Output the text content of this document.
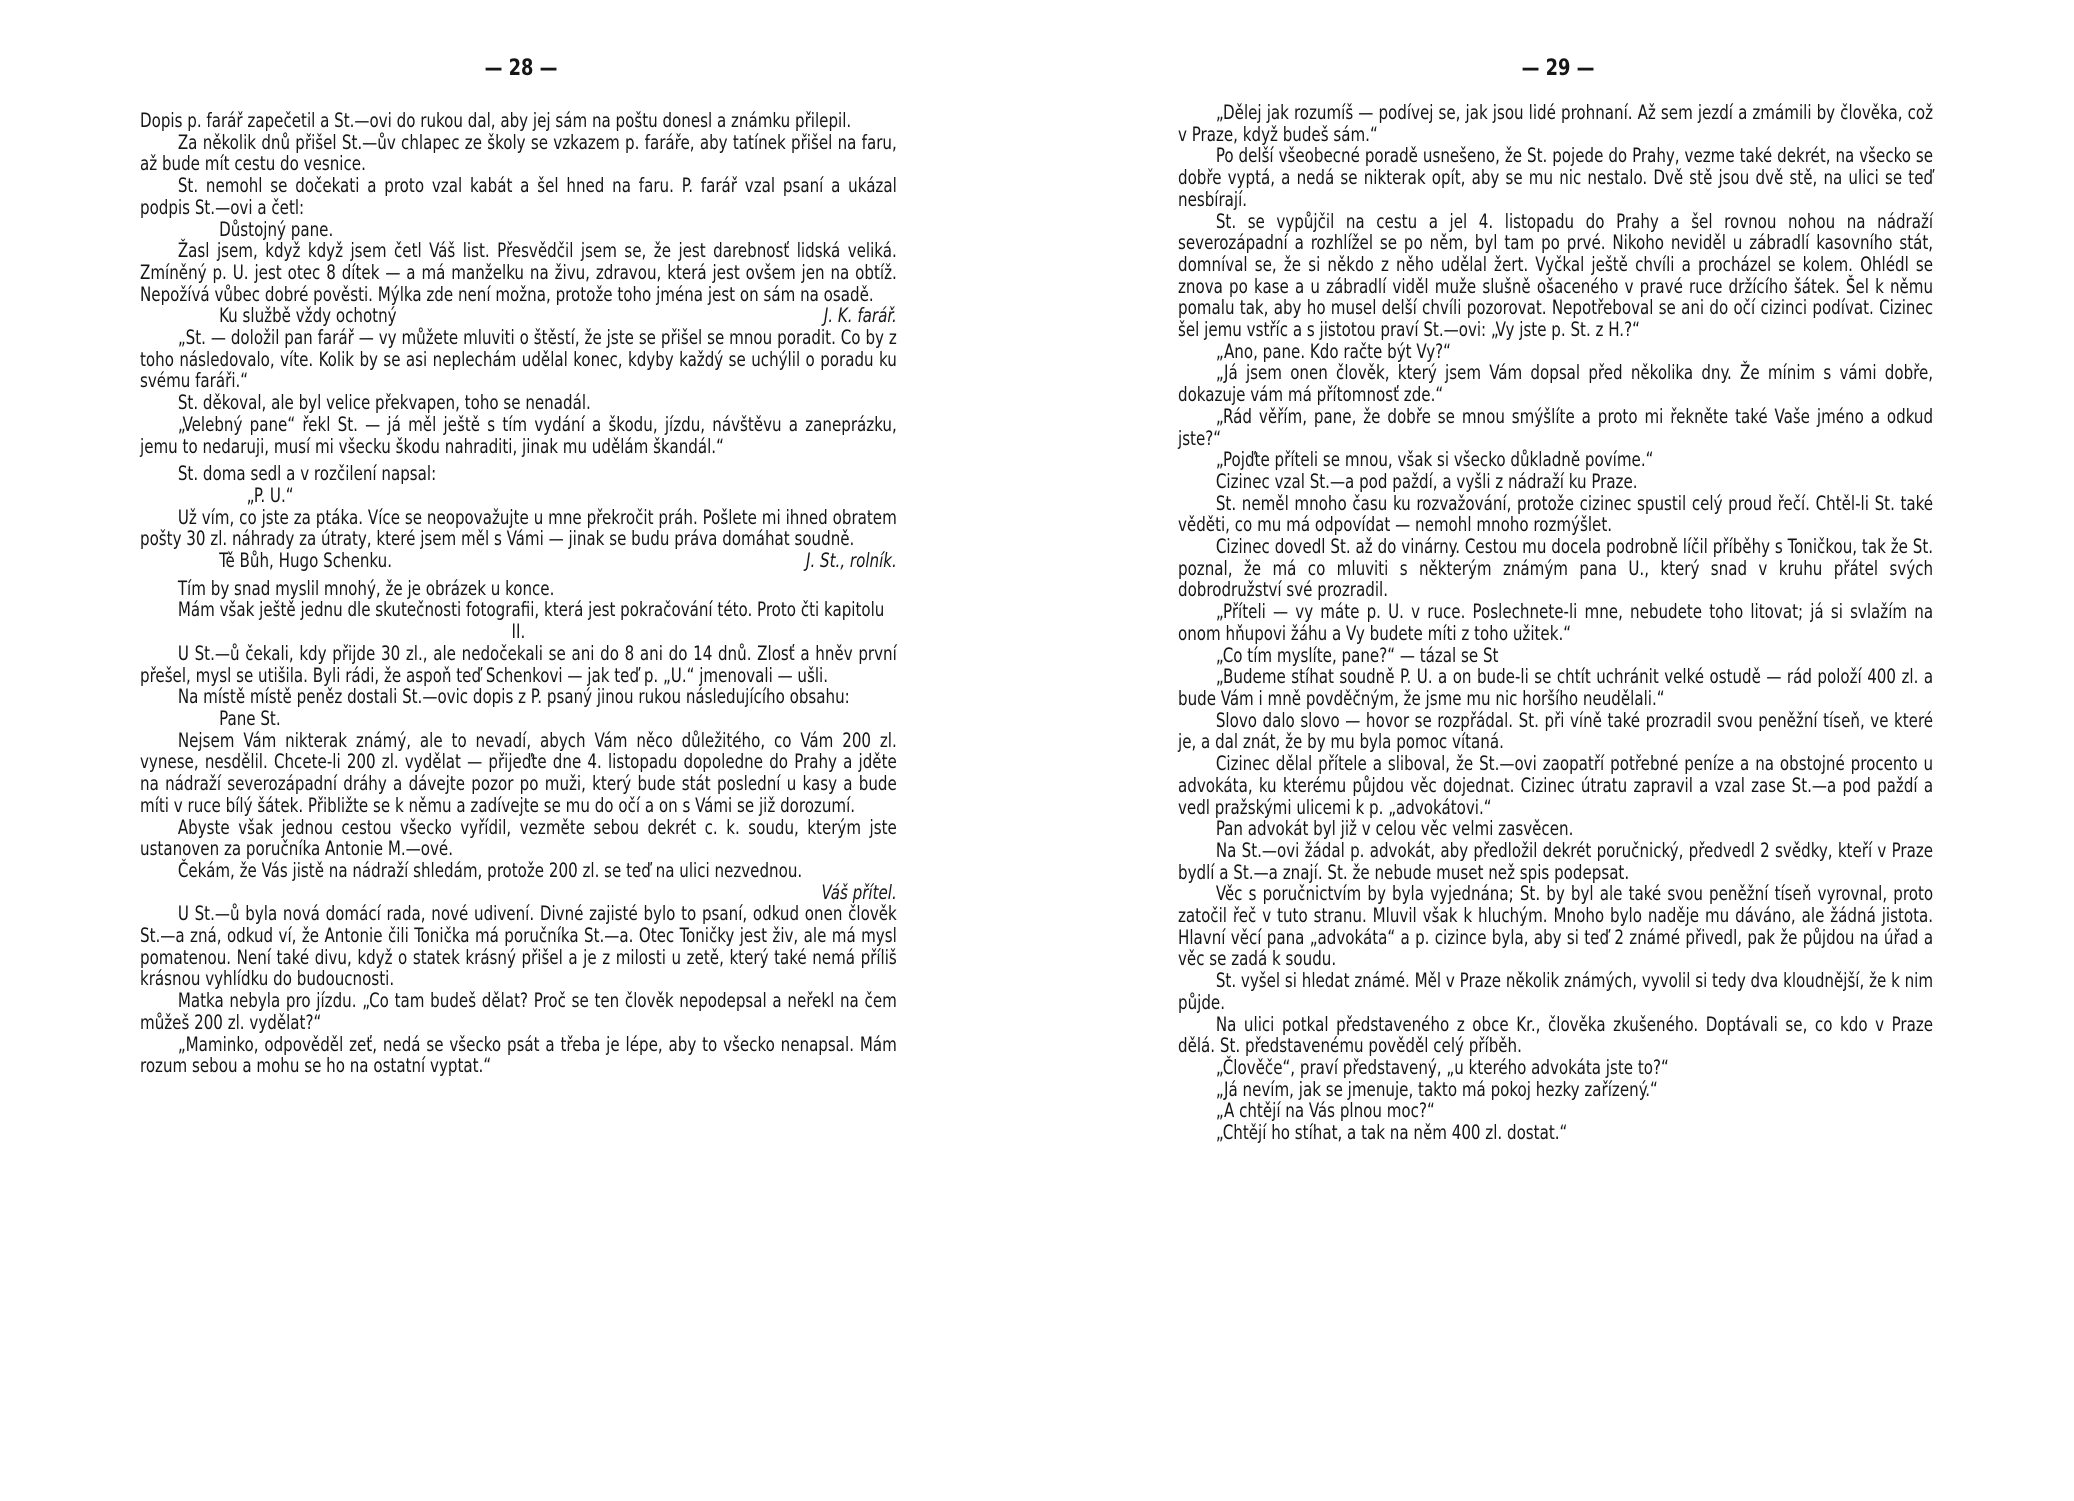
— 28 —

Dopis p. farář zapečetil a St.—ovi do rukou dal, aby jej sám na poštu donesl a známku přilepil.

Za několik dnů přišel St.—ův chlapec ze školy se vzkazem p. faráře, aby tatínek přišel na faru, až bude mít cestu do vesnice.

St. nemohl se dočekati a proto vzal kabát a šel hned na faru. P. farář vzal psaní a ukázal podpis St.—ovi a četl:

Důstojný pane.

Žasl jsem, když když jsem četl Váš list. Přesvědčil jsem se, že jest darebnosť lidská veliká. Zmíněný p. U. jest otec 8 dítek — a má manželku na živu, zdravou, která jest ovšem jen na obtíž. Nepožívá vůbec dobré pověsti. Mýlka zde není možna, protože toho jména jest on sám na osadě.

Ku službě vždy ochotný	J. K. farář.

„St. — doložil pan farář — vy můžete mluviti o štěstí, že jste se přišel se mnou poradit. Co by z toho následovalo, víte. Kolik by se asi neplechám udělal konec, kdyby každý se uchýlil o poradu ku svému faráři.“

St. děkoval, ale byl velice překvapen, toho se nenadál.

„Velebný pane“ řekl St. — já měl ještě s tím vydání a škodu, jízdu, návštěvu a zaneprázku, jemu to nedaruji, musí mi všecku škodu nahraditi, jinak mu udělám škandál.“

St. doma sedl a v rozčilení napsal:

„P. U.“

Už vím, co jste za ptáka. Více se neopovažujte u mne překročit práh. Pošlete mi ihned obratem pošty 30 zl. náhrady za útraty, které jsem měl s Vámi — jinak se budu práva domáhat soudně.

Tě Bůh, Hugo Schenku.	J. St., rolník.

Tím by snad myslil mnohý, že je obrázek u konce.

Mám však ještě jednu dle skutečnosti fotografii, která jest pokračování této. Proto čti kapitolu

II.

U St.—ů čekali, kdy přijde 30 zl., ale nedočekali se ani do 8 ani do 14 dnů. Zlosť a hněv první přešel, mysl se utišila. Byli rádi, že aspoň teď Schenkovi — jak teď p. „U.“ jmenovali — ušli.

Na místě místě peněz dostali St.—ovic dopis z P. psaný jinou rukou následujícího obsahu:

Pane St.

Nejsem Vám nikterak známý, ale to nevadí, abych Vám něco důležitého, co Vám 200 zl. vynese, nesdělil. Chcete-li 200 zl. vydělat — přijeďte dne 4. listopadu dopoledne do Prahy a jděte na nádraží severozápadní dráhy a dávejte pozor po muži, který bude stát poslední u kasy a bude míti v ruce bílý šátek. Přibližte se k němu a zadívejte se mu do očí a on s Vámi se již dorozumí.

Abyste však jednou cestou všecko vyřídil, vezměte sebou dekrét c. k. soudu, kterým jste ustanoven za poručníka Antonie M.—ové.

Čekám, že Vás jistě na nádraží shledám, protože 200 zl. se teď na ulici nezvednou.

Váš přítel.

U St.—ů byla nová domácí rada, nové udivení. Divné zajisté bylo to psaní, odkud onen člověk St.—a zná, odkud ví, že Antonie čili Tonička má poručníka St.—a. Otec Toničky jest živ, ale má mysl pomatenou. Není také divu, když o statek krásný přišel a je z milosti u zetě, který také nemá příliš krásnou vyhlídku do budoucnosti.

Matka nebyla pro jízdu. „Co tam budeš dělat? Proč se ten člověk nepodepsal a neřekl na čem můžeš 200 zl. vydělat?“

„Maminko, odpověděl zeť, nedá se všecko psát a třeba je lépe, aby to všecko nenapsal. Mám rozum sebou a mohu se ho na ostatní vyptat.“

— 29 —

„Dělej jak rozumíš — podívej se, jak jsou lidé prohnaní. Až sem jezdí a zmámili by člověka, což v Praze, když budeš sám.“

Po delší všeobecné poradě usnešeno, že St. pojede do Prahy, vezme také dekrét, na všecko se dobře vyptá, a nedá se nikterak opít, aby se mu nic nestalo. Dvě stě jsou dvě stě, na ulici se teď nesbírají.

St. se vypůjčil na cestu a jel 4. listopadu do Prahy a šel rovnou nohou na nádraží severozápadní a rozhlížel se po něm, byl tam po prvé. Nikoho neviděl u zábradlí kasovního stát, domníval se, že si někdo z něho udělal žert. Vyčkal ještě chvíli a procházel se kolem. Ohlédl se znova po kase a u zábradlí viděl muže slušně ošaceného v pravé ruce držícího šátek. Šel k němu pomalu tak, aby ho musel delší chvíli pozorovat. Nepotřeboval se ani do očí cizinci podívat. Cizinec šel jemu vstříc a s jistotou praví St.—ovi: „Vy jste p. St. z H.?“

„Ano, pane. Kdo račte být Vy?“

„Já jsem onen člověk, který jsem Vám dopsal před několika dny. Že mínim s vámi dobře, dokazuje vám má přítomnosť zde.“

„Rád věřím, pane, že dobře se mnou smýšlíte a proto mi řekněte také Vaše jméno a odkud jste?“

„Pojďte příteli se mnou, však si všecko důkladně povíme.“

Cizinec vzal St.—a pod paždí, a vyšli z nádraží ku Praze.

St. neměl mnoho času ku rozvažování, protože cizinec spustil celý proud řečí. Chtěl-li St. také věděti, co mu má odpovídat — nemohl mnoho rozmýšlet.

Cizinec dovedl St. až do vinárny. Cestou mu docela podrobně líčil příběhy s Toničkou, tak že St. poznal, že má co mluviti s některým známým pana U., který snad v kruhu přátel svých dobrodružství své prozradil.

„Příteli — vy máte p. U. v ruce. Poslechnete-li mne, nebudete toho litovat; já si svlažím na onom hňupovi žáhu a Vy budete míti z toho užitek.“

„Co tím myslíte, pane?“ — tázal se St

„Budeme stíhat soudně P. U. a on bude-li se chtít uchránit velké ostudě — rád položí 400 zl. a bude Vám i mně povděčným, že jsme mu nic horšího neudělali.“

Slovo dalo slovo — hovor se rozpřádal. St. při víně také prozradil svou peněžní tíseň, ve které je, a dal znát, že by mu byla pomoc vítaná.

Cizinec dělal přítele a sliboval, že St.—ovi zaopatří potřebné peníze a na obstojné procento u advokáta, ku kterému půjdou věc dojednat. Cizinec útratu zapravil a vzal zase St.—a pod paždí a vedl pražskými ulicemi k p. „advokátovi.“

Pan advokát byl již v celou věc velmi zasvěcen.

Na St.—ovi žádal p. advokát, aby předložil dekrét poručnický, předvedl 2 svědky, kteří v Praze bydlí a St.—a znají. St. že nebude muset než spis podepsat.

Věc s poručnictvím by byla vyjednána; St. by byl ale také svou peněžní tíseň vyrovnal, proto zatočil řeč v tuto stranu. Mluvil však k hluchým. Mnoho bylo naděje mu dáváno, ale žádná jistota. Hlavní věcí pana „advokáta“ a p. cizince byla, aby si teď 2 známé přivedl, pak že půjdou na úřad a věc se zadá k soudu.

St. vyšel si hledat známé. Měl v Praze několik známých, vyvolil si tedy dva kloudnější, že k nim půjde.

Na ulici potkal představeného z obce Kr., člověka zkušeného. Doptávali se, co kdo v Praze dělá. St. představenému pověděl celý příběh.

„Člověče“, praví představený, „u kterého advokáta jste to?“

„Já nevím, jak se jmenuje, takto má pokoj hezky zařízený.“

„A chtějí na Vás plnou moc?“

„Chtějí ho stíhat, a tak na něm 400 zl. dostat.“
